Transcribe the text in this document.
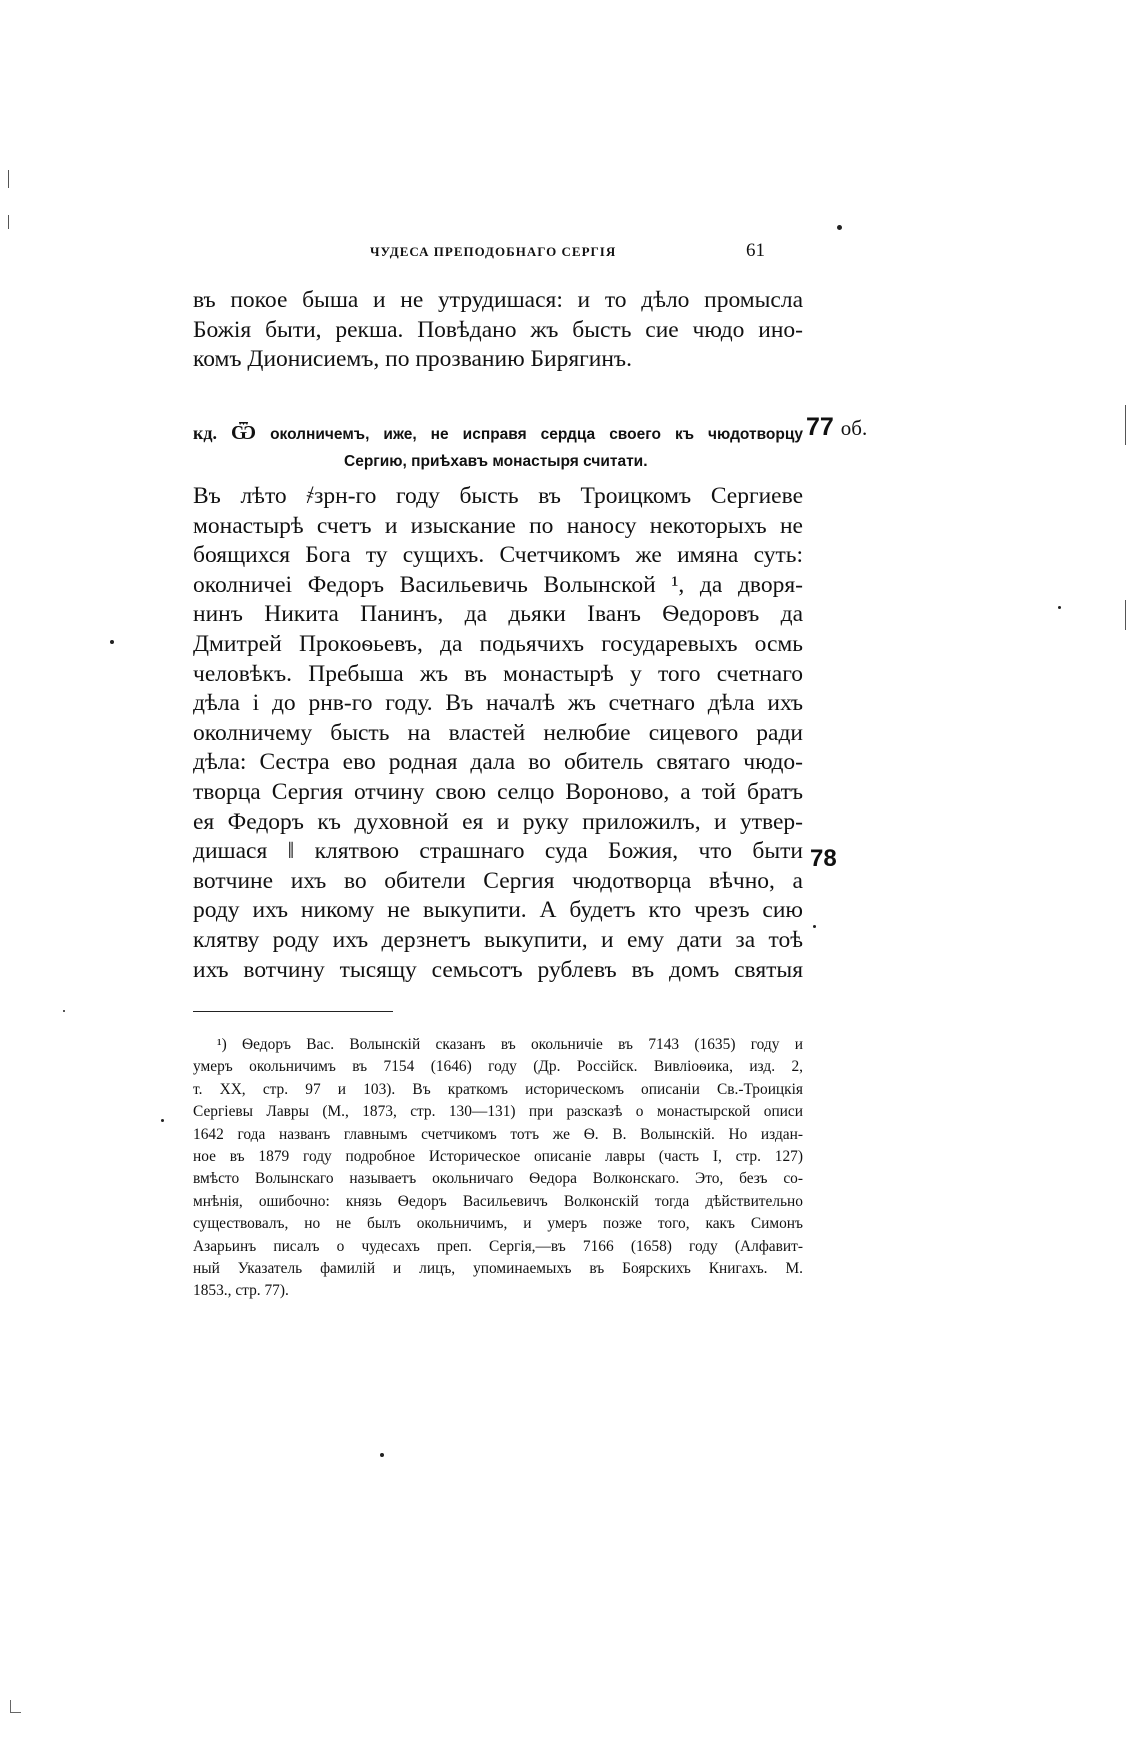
ЧУДЕСА ПРЕПОДОБНАГО СЕРГІЯ	61
въ покое быша и не утрудишася: и то дѣло промысла
Божія быти, рекша. Повѣдано жъ бысть сие чюдо ино-
комъ Дионисиемъ, по прозванию Бирягинъ.
кд. Ѿ околничемъ, иже, не исправя сердца своего къ чюдотворцу
Сергию, приѣхавъ монастыря считати.
77 об.
78
Въ лѣто ҂зрн-го году бысть въ Троицкомъ Сергиеве
монастырѣ счетъ и изыскание по наносу некоторыхъ не
боящихся Бога ту сущихъ. Счетчикомъ же имяна суть:
околничеі Федоръ Васильевичь Волынской ¹, да дворя-
нинъ Никита Панинъ, да дьяки Іванъ Ѳедоровъ да
Дмитрей Прокоѳьевъ, да подьячихъ государевыхъ осмь
человѣкъ. Пребыша жъ въ монастырѣ у того счетнаго
дѣла і до рнв-го году. Въ началѣ жъ счетнаго дѣла ихъ
околничему бысть на властей нелюбие сицевого ради
дѣла: Сестра ево родная дала во обитель святаго чюдо-
творца Сергия отчину свою селцо Вороново, а той братъ
ея Федоръ къ духовной ея и руку приложилъ, и утвер-
дишася ‖ клятвою страшнаго суда Божия, что быти
вотчине ихъ во обители Сергия чюдотворца вѣчно, а
роду ихъ никому не выкупити. А будетъ кто чрезъ сию
клятву роду ихъ дерзнетъ выкупити, и ему дати за тоѣ
ихъ вотчину тысящу семьсотъ рублевъ въ домъ святыя
¹) Ѳедоръ Вас. Волынскій сказанъ въ окольничіе въ 7143 (1635) году и
умеръ окольничимъ въ 7154 (1646) году (Др. Россійск. Вивліоѳика, изд. 2,
т. XX, стр. 97 и 103). Въ краткомъ историческомъ описаніи Св.-Троицкія
Сергіевы Лавры (М., 1873, стр. 130—131) при разсказѣ о монастырской описи
1642 года названъ главнымъ счетчикомъ тотъ же Ѳ. В. Волынскій. Но издан-
ное въ 1879 году подробное Историческое описаніе лавры (часть I, стр. 127)
вмѣсто Волынскаго называетъ окольничаго Ѳедора Волконскаго. Это, безъ со-
мнѣнія, ошибочно: князь Ѳедоръ Васильевичъ Волконскій тогда дѣйствительно
существовалъ, но не былъ окольничимъ, и умеръ позже того, какъ Симонъ
Азарьинъ писалъ о чудесахъ преп. Сергія,—въ 7166 (1658) году (Алфавит-
ный Указатель фамилій и лицъ, упоминаемыхъ въ Боярскихъ Книгахъ. М.
1853., стр. 77).
